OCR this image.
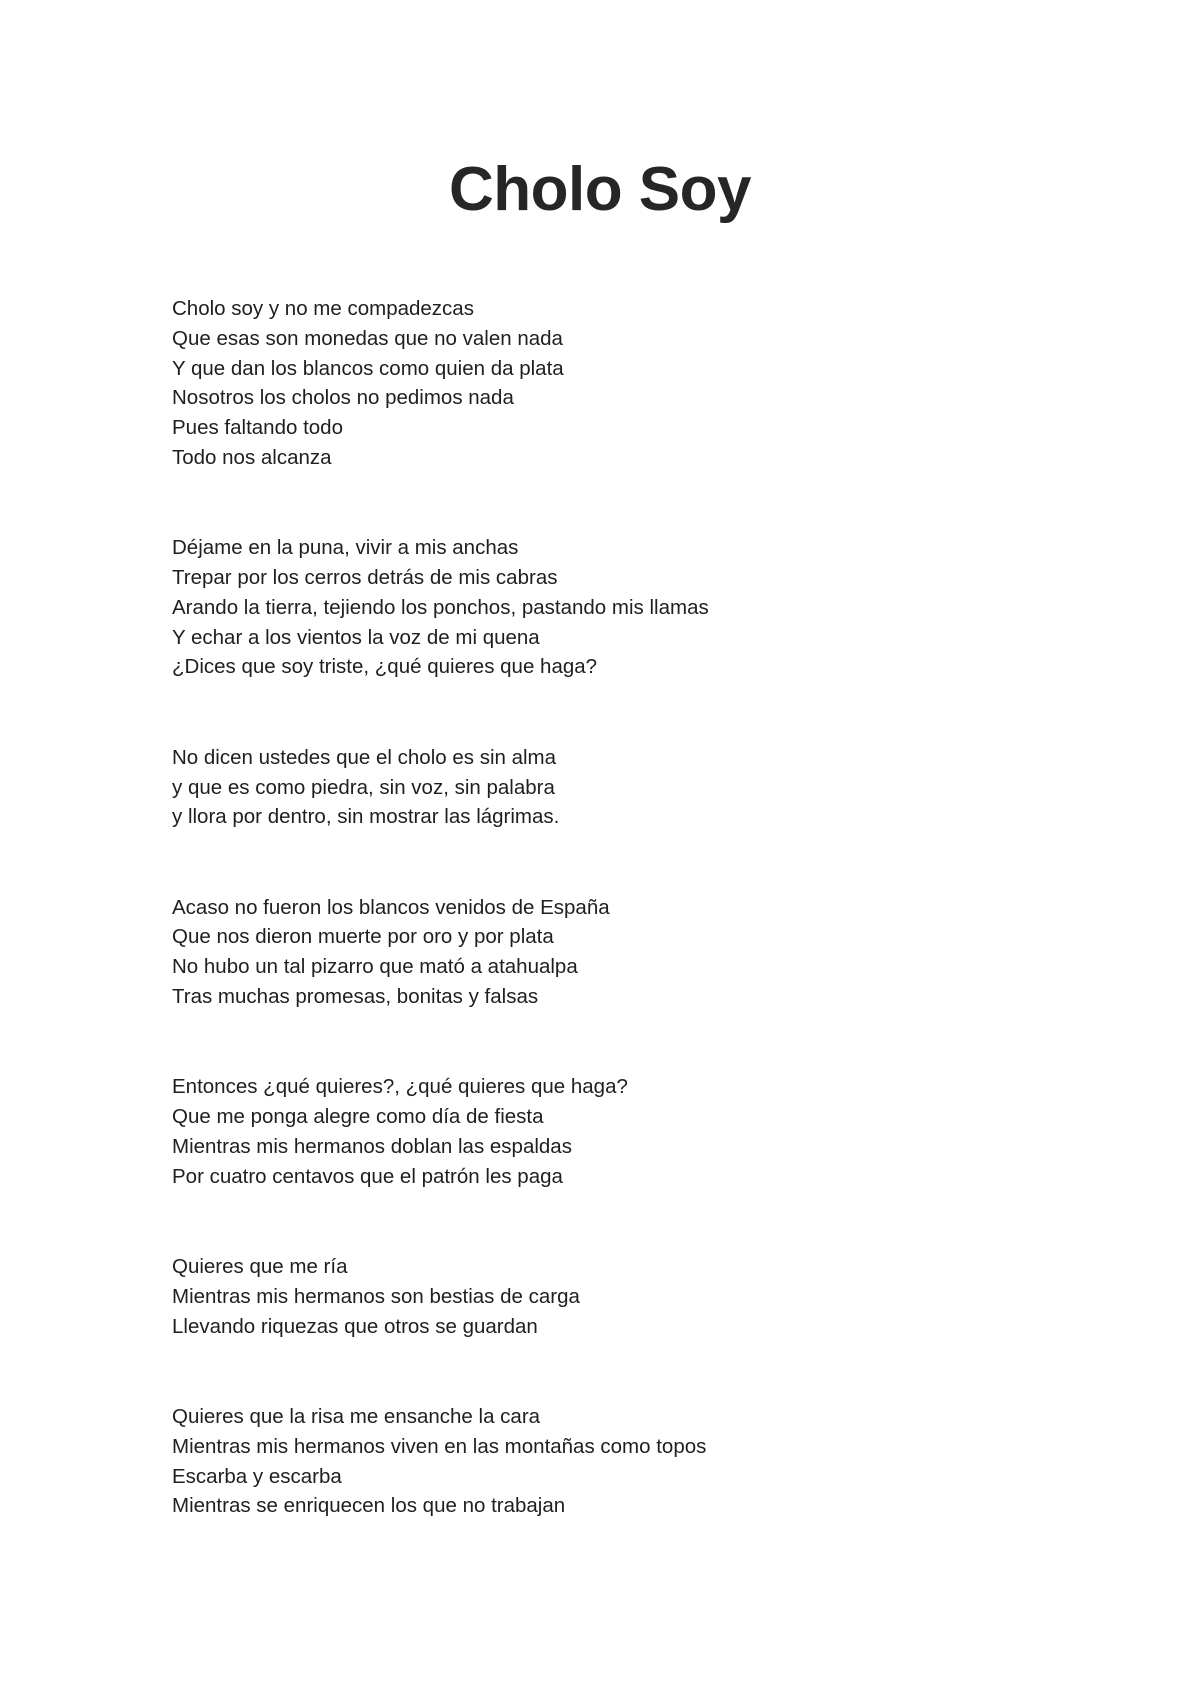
Cholo Soy
Cholo soy y no me compadezcas
Que esas son monedas que no valen nada
Y que dan los blancos como quien da plata
Nosotros los cholos no pedimos nada
Pues faltando todo
Todo nos alcanza
Déjame en la puna, vivir a mis anchas
Trepar por los cerros detrás de mis cabras
Arando la tierra, tejiendo los ponchos, pastando mis llamas
Y echar a los vientos la voz de mi quena
¿Dices que soy triste, ¿qué quieres que haga?
No dicen ustedes que el cholo es sin alma
y que es como piedra, sin voz, sin palabra
y llora por dentro, sin mostrar las lágrimas.
Acaso no fueron los blancos venidos de España
Que nos dieron muerte por oro y por plata
No hubo un tal pizarro que mató a atahualpa
Tras muchas promesas, bonitas y falsas
Entonces ¿qué quieres?, ¿qué quieres que haga?
Que me ponga alegre como día de fiesta
Mientras mis hermanos doblan las espaldas
Por cuatro centavos que el patrón les paga
Quieres que me ría
Mientras mis hermanos son bestias de carga
Llevando riquezas que otros se guardan
Quieres que la risa me ensanche la cara
Mientras mis hermanos viven en las montañas como topos
Escarba y escarba
Mientras se enriquecen los que no trabajan
